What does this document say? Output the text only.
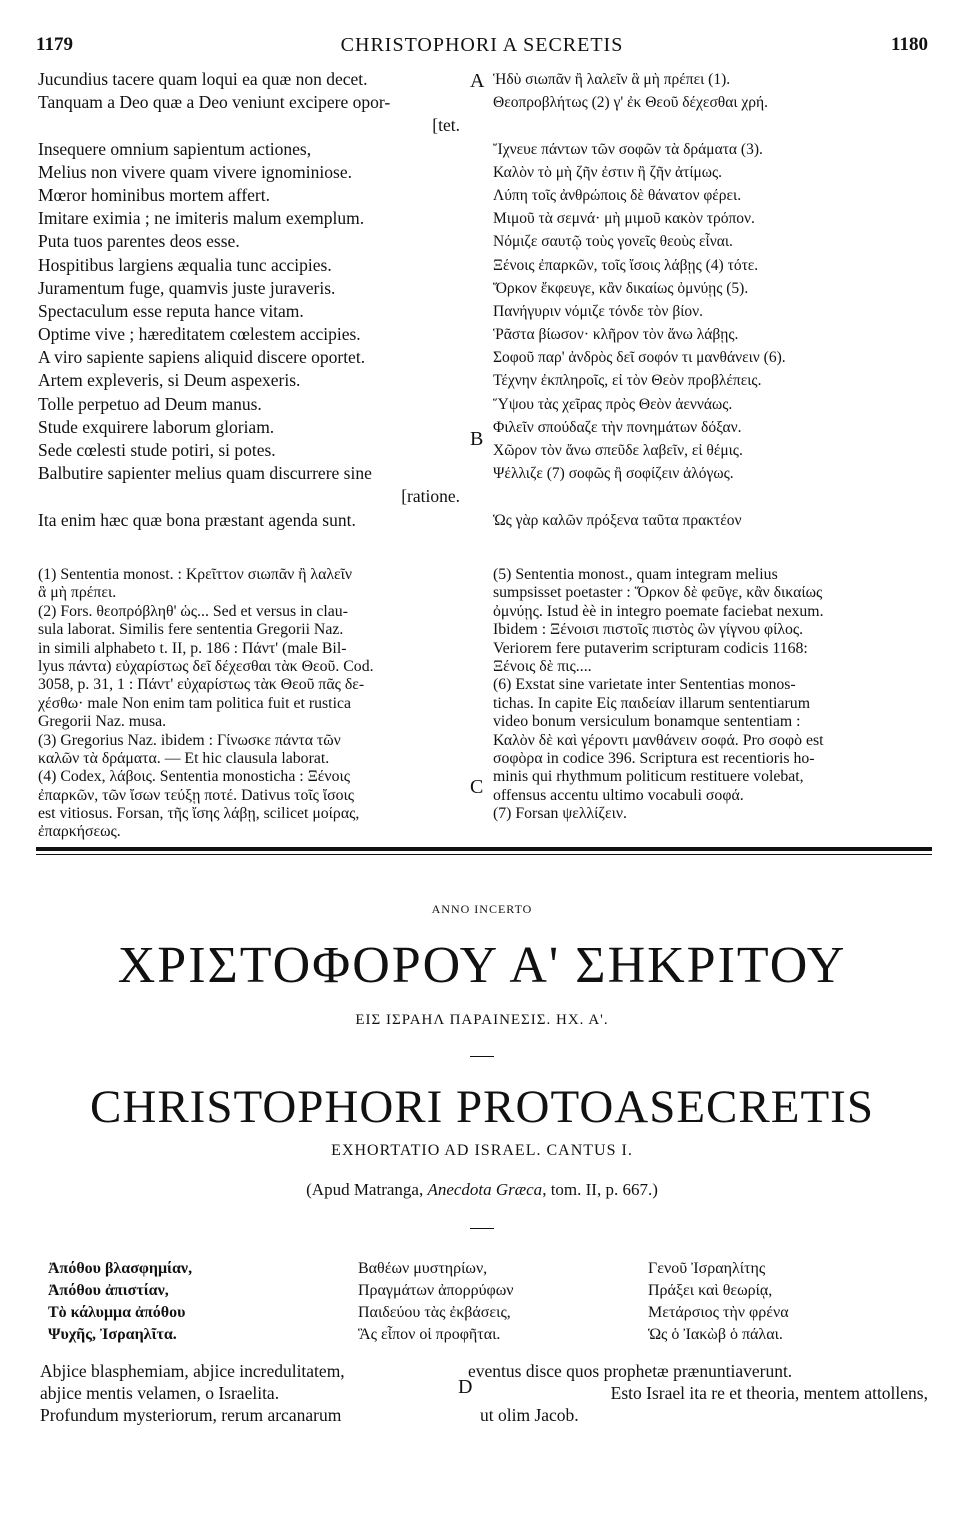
1179	CHRISTOPHORI A SECRETIS	1180
Jucundius tacere quam loqui ea quæ non decet.
Tanquam a Deo quæ a Deo veniunt excipere opor-
[tet.
Insequere omnium sapientum actiones,
Melius non vivere quam vivere ignominiose.
Mœror hominibus mortem affert.
Imitare eximia ; ne imiteris malum exemplum.
Puta tuos parentes deos esse.
Hospitibus largiens æqualia tunc accipies.
Juramentum fuge, quamvis juste juraveris.
Spectaculum esse reputa hance vitam.
Optime vive ; hæreditatem cœlestem accipies.
A viro sapiente sapiens aliquid discere oportet.
Artem expleveris, si Deum aspexeris.
Tolle perpetuo ad Deum manus.
Stude exquirere laborum gloriam.
Sede cœlesti stude potiri, si potes.
Balbutire sapienter melius quam discurrere sine
[ratione.
Ita enim hæc quæ bona præstant agenda sunt.
A
B
C
D
Ἡδὺ σιωπᾶν ἢ λαλεῖν ἃ μὴ πρέπει (1).
Θεοπροβλήτως (2) γ' ἐκ Θεοῦ δέχεσθαι χρή.
Ἴχνευε πάντων τῶν σοφῶν τὰ δράματα (3).
Καλὸν τὸ μὴ ζῆν ἐστιν ἢ ζῆν ἀτίμως.
Λύπη τοῖς ἀνθρώποις δὲ θάνατον φέρει.
Μιμοῦ τὰ σεμνά· μὴ μιμοῦ κακὸν τρόπον.
Νόμιζε σαυτῷ τοὺς γονεῖς θεοὺς εἶναι.
Ξένοις ἐπαρκῶν, τοῖς ἴσοις λάβῃς (4) τότε.
Ὅρκον ἔκφευγε, κἂν δικαίως ὀμνύῃς (5).
Πανήγυριν νόμιζε τόνδε τὸν βίον.
Ῥᾶστα βίωσον· κλῆρον τὸν ἄνω λάβῃς.
Σοφοῦ παρ' ἀνδρὸς δεῖ σοφόν τι μανθάνειν (6).
Τέχνην ἐκπληροῖς, εἰ τὸν Θεὸν προβλέπεις.
Ὕψου τὰς χεῖρας πρὸς Θεὸν ἀεννάως.
Φιλεῖν σπούδαζε τὴν πονημάτων δόξαν.
Χῶρον τὸν ἄνω σπεῦδε λαβεῖν, εἰ θέμις.
Ψέλλιζε (7) σοφῶς ἢ σοφίζειν ἀλόγως.
Ὡς γὰρ καλῶν πρόξενα ταῦτα πρακτέον
(1) Sententia monost. : Κρεῖττον σιωπᾶν ἢ λαλεῖν
ἃ μὴ πρέπει.
(2) Fors. θεοπρόβληθ' ὡς... Sed et versus in clau-
sula laborat. Similis fere sententia Gregorii Naz.
in simili alphabeto t. II, p. 186 : Πάντ' (male Bil-
lyus πάντα) εὐχαρίστως δεῖ δέχεσθαι τὰκ Θεοῦ. Cod.
3058, p. 31, 1 : Πάντ' εὐχαρίστως τὰκ Θεοῦ πᾶς δε-
χέσθω· male Non enim tam politica fuit et rustica
Gregorii Naz. musa.
(3) Gregorius Naz. ibidem : Γίνωσκε πάντα τῶν
καλῶν τὰ δράματα. — Et hic clausula laborat.
(4) Codex, λάβοις. Sententia monosticha : Ξένοις
ἐπαρκῶν, τῶν ἴσων τεύξῃ ποτέ. Dativus τοῖς ἴσοις
est vitiosus. Forsan, τῆς ἴσης λάβῃ, scilicet μοίρας,
ἐπαρκήσεως.
(5) Sententia monost., quam integram melius
sumpsisset poetaster : Ὅρκον δὲ φεῦγε, κἂν δικαίως
ὀμνύῃς. Istud èè in integro poemate faciebat nexum.
Ibidem : Ξένοισι πιστοῖς πιστὸς ὢν γίγνου φίλος.
Veriorem fere putaverim scripturam codicis 1168:
Ξένοις δὲ πις....
(6) Exstat sine varietate inter Sententias monos-
tichas. In capite Εἰς παιδείαν illarum sententiarum
video bonum versiculum bonamque sententiam :
Καλὸν δὲ καὶ γέροντι μανθάνειν σοφά. Pro σοφὸ est
σοφὸρα in codice 396. Scriptura est recentioris ho-
minis qui rhythmum politicum restituere volebat,
offensus accentu ultimo vocabuli σοφά.
(7) Forsan ψελλίζειν.
ANNO INCERTO
ΧΡΙΣΤΟΦΟΡΟΥ Α' ΣΗΚΡΙΤΟΥ
ΕΙΣ ΙΣΡΑΗΛ ΠΑΡΑΙΝΕΣΙΣ. ΗΧ. Α'.
CHRISTOPHORI PROTOASECRETIS
EXHORTATIO AD ISRAEL. CANTUS I.
(Apud Matranga, Anecdota Græca, tom. II, p. 667.)
Ἀπόθου βλασφημίαν,
Ἀπόθου ἀπιστίαν,
Τὸ κάλυμμα ἀπόθου
Ψυχῆς, Ἰσραηλῖτα.
Βαθέων μυστηρίων,
Πραγμάτων ἀπορρύφων
Παιδεύου τὰς ἐκβάσεις,
Ἃς εἶπον οἱ προφῆται.
Γενοῦ Ἰσραηλίτης
Πράξει καὶ θεωρίᾳ,
Μετάρσιος τὴν φρένα
Ὡς ὁ Ἰακὼβ ὁ πάλαι.
Abjice blasphemiam, abjice incredulitatem,
abjice mentis velamen, o Israelita.
Profundum mysteriorum, rerum arcanarum
eventus disce quos prophetæ prænuntiaverunt.
Esto Israel ita re et theoria, mentem attollens,
ut olim Jacob.
